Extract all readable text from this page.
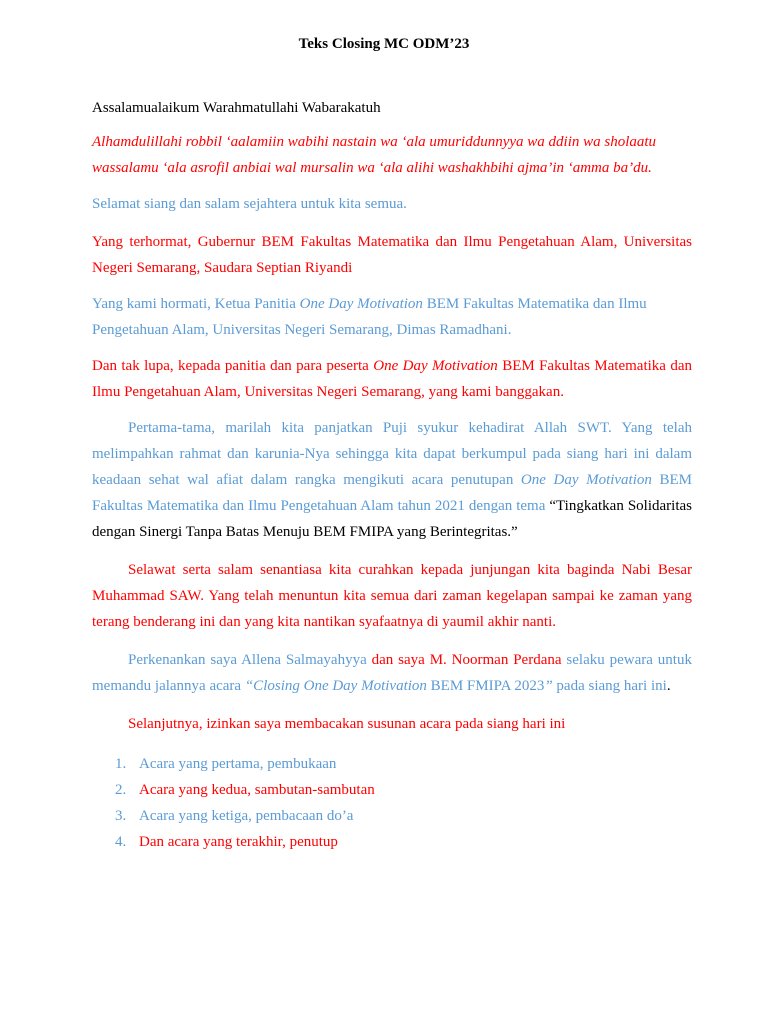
Teks Closing MC ODM’23

Assalamualaikum Warahmatullahi Wabarakatuh

Alhamdulillahi robbil ‘aalamiin wabihi nastain wa ‘ala umuriddunnyya wa ddiin wa sholaatu wassalamu ‘ala asrofil anbiai wal mursalin wa ‘ala alihi washakhbihi ajma’in ‘amma ba’du.

Selamat siang dan salam sejahtera untuk kita semua.

Yang terhormat, Gubernur BEM Fakultas Matematika dan Ilmu Pengetahuan Alam, Universitas Negeri Semarang, Saudara Septian Riyandi

Yang kami hormati, Ketua Panitia One Day Motivation BEM Fakultas Matematika dan Ilmu Pengetahuan Alam, Universitas Negeri Semarang, Dimas Ramadhani.

Dan tak lupa, kepada panitia dan para peserta One Day Motivation BEM Fakultas Matematika dan Ilmu Pengetahuan Alam, Universitas Negeri Semarang, yang kami banggakan.

Pertama-tama, marilah kita panjatkan Puji syukur kehadirat Allah SWT. Yang telah melimpahkan rahmat dan karunia-Nya sehingga kita dapat berkumpul pada siang hari ini dalam keadaan sehat wal afiat dalam rangka mengikuti acara penutupan One Day Motivation BEM Fakultas Matematika dan Ilmu Pengetahuan Alam tahun 2021 dengan tema “Tingkatkan Solidaritas dengan Sinergi Tanpa Batas Menuju BEM FMIPA yang Berintegritas.”

Selawat serta salam senantiasa kita curahkan kepada junjungan kita baginda Nabi Besar Muhammad SAW. Yang telah menuntun kita semua dari zaman kegelapan sampai ke zaman yang terang benderang ini dan yang kita nantikan syafaatnya di yaumil akhir nanti.

Perkenankan saya Allena Salmayahyya dan saya M. Noorman Perdana selaku pewara untuk memandu jalannya acara “Closing One Day Motivation BEM FMIPA 2023” pada siang hari ini.

Selanjutnya, izinkan saya membacakan susunan acara pada siang hari ini

1. Acara yang pertama, pembukaan
2. Acara yang kedua, sambutan-sambutan
3. Acara yang ketiga, pembacaan do’a
4. Dan acara yang terakhir, penutup
